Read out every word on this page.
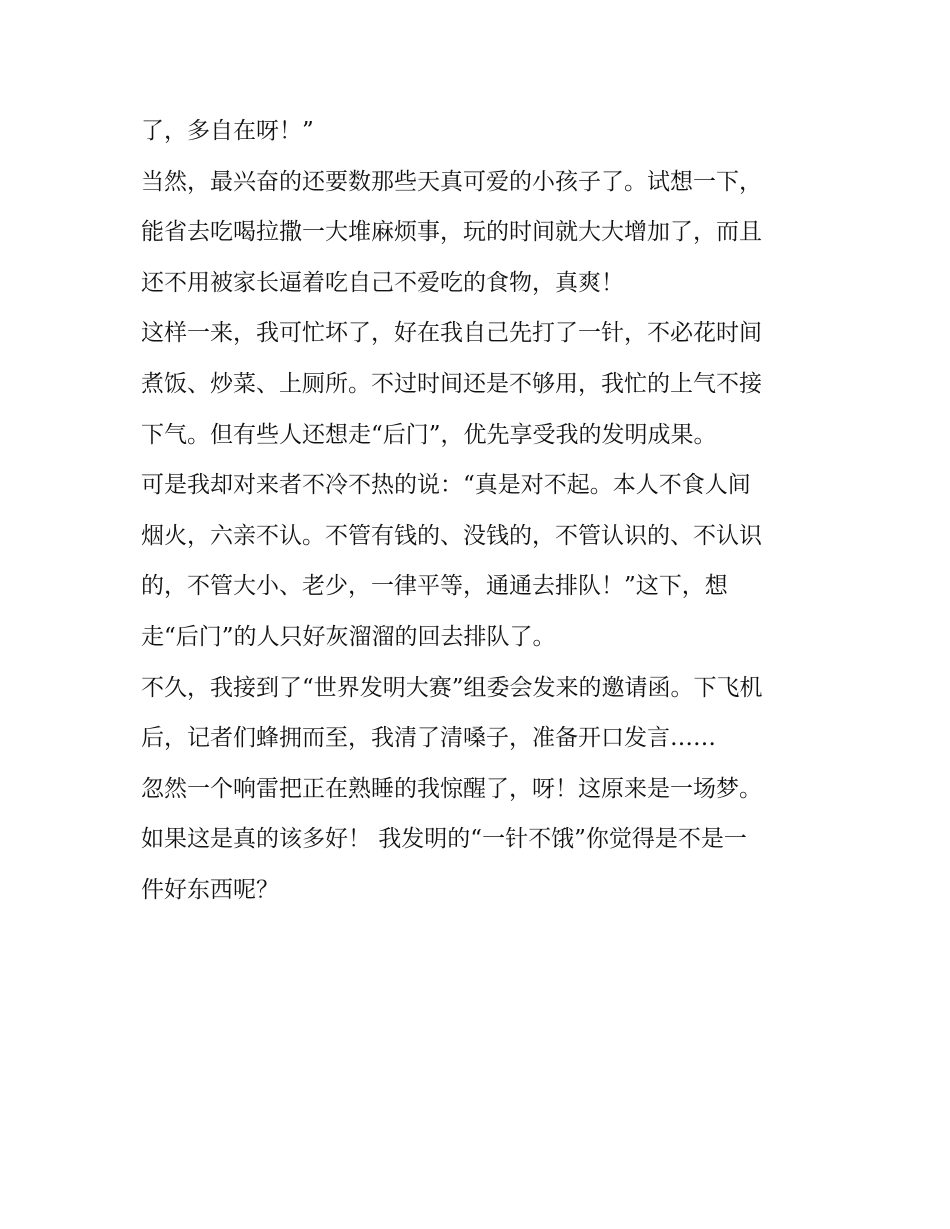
了，多自在呀！”
当然，最兴奋的还要数那些天真可爱的小孩子了。试想一下，
能省去吃喝拉撒一大堆麻烦事，玩的时间就大大增加了，而且
还不用被家长逼着吃自己不爱吃的食物，真爽！
这样一来，我可忙坏了，好在我自己先打了一针，不必花时间
煮饭、炒菜、上厕所。不过时间还是不够用，我忙的上气不接
下气。但有些人还想走“后门”，优先享受我的发明成果。
可是我却对来者不冷不热的说：“真是对不起。本人不食人间
烟火，六亲不认。不管有钱的、没钱的，不管认识的、不认识
的，不管大小、老少，一律平等，通通去排队！”这下，想
走“后门”的人只好灰溜溜的回去排队了。
不久，我接到了“世界发明大赛”组委会发来的邀请函。下飞机
后，记者们蜂拥而至，我清了清嗓子，准备开口发言……
忽然一个响雷把正在熟睡的我惊醒了，呀！这原来是一场梦。
如果这是真的该多好！ 我发明的“一针不饿”你觉得是不是一
件好东西呢？
